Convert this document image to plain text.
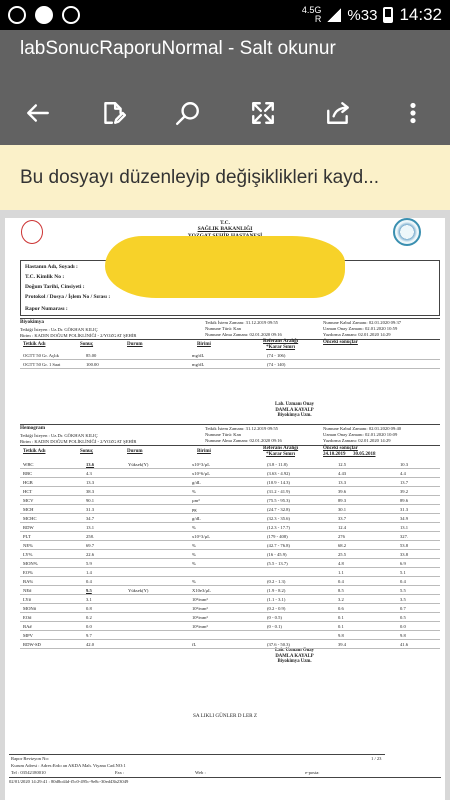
4.5G
R %33 14:32
labSonucRaporuNormal - Salt okunur
Bu dosyayı düzenleyip değişiklikleri kayd...

T.C.

SAĞLIK BAKANLIĞI

Hastanın Adı, Soyadı :
T.C. Kimlik No :
Doğum Tarihi, Cinsiyeti :
Protokol / Dosya / İşlem No / Sırası :
Rapor Numarası :
Biyokimya
Tetkiği İsteyen : Uz.Dr. GÖKHAN KILIÇ
Birim : KADIN DOĞUM POLİKLİNİĞİ - 2/YOZGAT ŞEHİR
Tetkik İstem Zamanı: 31.12.2019 09:55
Numune Türü: Kan
Numune Alma Zamanı: 02.01.2020 09:16
Numune Kabul Zamanı: 02.01.2020 09:37
Uzman Onay Zamanı: 02.01.2020 10:59
Yazdırma Zamanı: 02.01.2020 14:29
Tetkik Adı	Sonuç	Durum	Birimi
Referans Aralığı
*Karar Sınırı
Önceki sonuçlar
Lab. Uzmanı Onay
DAMLA KAYALP
Biyokimya Uzm.
Hemogram
Tetkiği İsteyen : Uz.Dr. GÖKHAN KILIÇ
Birim : KADIN DOĞUM POLİKLİNİĞİ - 2/YOZGAT ŞEHİR
Tetkik İstem Zamanı: 31.12.2019 09:55
Numune Türü: Kan
Numune Alma Zamanı: 02.01.2020 09:16
Numune Kabul Zamanı: 02.01.2020 09:40
Uzman Onay Zamanı: 02.01.2020 10:09
Yazdırma Zamanı: 02.01.2020 14:29
Tetkik Adı	Sonuç	Durum	Birimi
Referans Aralığı
*Karar Sınırı
Önceki sonuçlar
24.10.2019 30.05.2018
Lab. Uzmanı Onay
DAMLA KAYALP
Biyokimya Uzm.
SA LIKLI GÜNLER D LER Z
Rapor Revizyon No:	1 / 23
Kurum Adresi : Adres:Erdo an AKDA Mah. Viyana Cad.NO:1
Tel : 03542180010	Fax :	Web :	e-posta:
02/01/2020 14:29:41 : 80d8cd4d-f5c0-495c-9e8c-30ed43b23049
OGTT 50 Gr. Açlık	85.00	mg/dL	(74 - 106)
OGTT 50 Gr. 1 Saat	100.00	mg/dL	(74 - 140)
WBC	13.6	Yüksek(Y)	x10^3/µL	(3.8 - 11.8)	12.5	10.3
RBC	4.3	x10^6/µL	(3.63 - 4.92)	4.43	4.4
HGB	13.3	g/dL	(10.9 - 14.3)	13.3	13.7
HCT	38.3	%	(31.2 - 41.9)	39.6	39.2
MCV	90.1	µm³	(75.5 - 95.3)	89.3	89.6
MCH	31.3	pg	(24.7 - 32.8)	30.1	31.3
MCHC	34.7	g/dL	(32.3 - 35.6)	33.7	34.9
RDW	13.1	%	(12.3 - 17.7)	12.4	13.1
PLT	258.	x10^3/µL	(179 - 408)	276	327.
NE%	69.7	%	(42.7 - 76.8)	68.2	53.8
LY%	22.6	%	(16 - 45.9)	25.5	33.8
MON%	5.9	%	(5.5 - 13.7)	4.8	6.9
EO%	1.4	1.1	5.1
BA%	0.4	%	(0.2 - 1.3)	0.4	0.4
NE#	9.5	Yüksek(Y)	X10e3/µL	(1.9 - 8.2)	8.5	5.5
LY#	3.1	10³/mm³	(1.1 - 3.1)	3.2	3.5
MON#	0.8	10³/mm³	(0.2 - 0.9)	0.6	0.7
EO#	0.2	10³/mm³	(0 - 0.5)	0.1	0.5
BA#	0.0	10³/mm³	(0 - 0.1)	0.1	0.0
MPV	9.7	9.8	9.8
RDW-SD	42.0	fL	(37.6 - 50.3)	39.4	41.6
